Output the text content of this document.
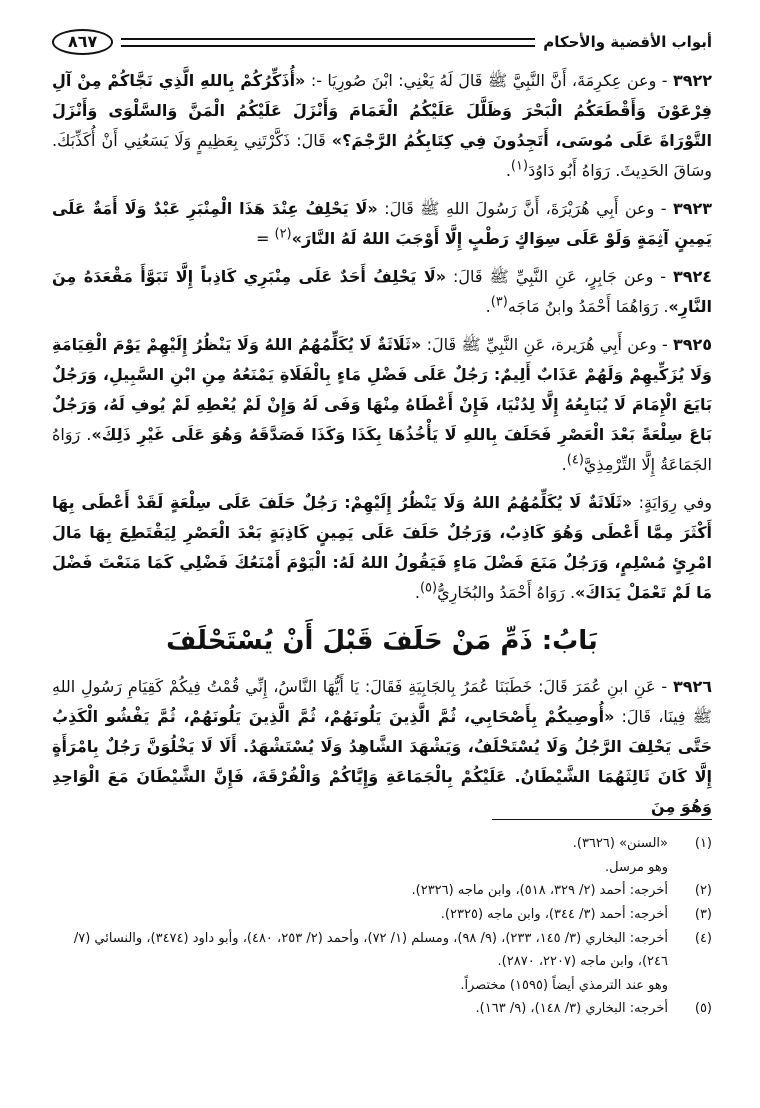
أبواب الأقضية والأحكام
٨٦٧

٣٩٢٢ - وعن عِكرِمَةَ، أَنَّ النَّبِيَّ ﷺ قَالَ لَهُ يَعْنِي: ابْنَ صُورِيَا -: «أُذَكِّرُكُمْ بِاللهِ الَّذِي نَجَّاكُمْ مِنْ آلِ فِرْعَوْنَ وَأَقْطَعَكُمُ الْبَحْرَ وَظَلَّلَ عَلَيْكُمُ الْغَمَامَ وَأَنْزَلَ عَلَيْكُمُ الْمَنَّ وَالسَّلْوَى وَأَنْزَلَ التَّوْرَاةَ عَلَى مُوسَى، أَتَجِدُونَ فِي كِتَابِكُمُ الرَّجْمَ؟» قَالَ: ذَكَّرْتَنِي بِعَظِيمٍ وَلَا يَسَعُنِي أَنْ أُكَذِّبَكَ. وسَاقَ الحَدِيثَ. رَوَاهُ أَبُو دَاوُدَ$^{(١)}$.

٣٩٢٣ - وعن أَبِي هُرَيْرَةَ، أَنَّ رَسُولَ اللهِ ﷺ قَالَ: «لَا يَحْلِفُ عِنْدَ هَذَا الْمِنْبَرِ عَبْدٌ وَلَا أَمَةٌ عَلَى يَمِينٍ آثِمَةٍ وَلَوْ عَلَى سِوَاكٍ رَطْبٍ إِلَّا أَوْجَبَ اللهُ لَهُ النَّارَ»$^{(٢)}$ =

٣٩٢٤ - وعن جَابِرٍ، عَنِ النَّبِيِّ ﷺ قَالَ: «لَا يَحْلِفُ أَحَدٌ عَلَى مِنْبَرِي كَاذِباً إِلَّا تَبَوَّأَ مَقْعَدَهُ مِنَ النَّارِ». رَوَاهُمَا أَحْمَدُ وابنُ مَاجَه$^{(٣)}$.

٣٩٢٥ - وعن أَبِي هُرَيرة، عَنِ النَّبِيِّ ﷺ قَالَ: «ثَلَاثَةٌ لَا يُكَلِّمُهُمُ اللهُ وَلَا يَنْظُرُ إِلَيْهِمْ يَوْمَ الْقِيَامَةِ وَلَا يُزَكِّيهِمْ وَلَهُمْ عَذَابٌ أَلِيمٌ: رَجُلٌ عَلَى فَضْلِ مَاءٍ بِالْفَلَاةِ يَمْنَعُهُ مِنِ ابْنِ السَّبِيلِ، وَرَجُلٌ بَايَعَ الْإِمَامَ لَا يُبَايِعُهُ إِلَّا لِدُنْيَا، فَإِنْ أَعْطَاهُ مِنْهَا وَفَى لَهُ وَإِنْ لَمْ يُعْطِهِ لَمْ يُوفِ لَهُ، وَرَجُلٌ بَاعَ سِلْعَةً بَعْدَ الْعَصْرِ فَحَلَفَ بِاللهِ لَا يَأْخُذُهَا بِكَذَا وَكَذَا فَصَدَّقَهُ وَهُوَ عَلَى غَيْرِ ذَلِكَ». رَوَاهُ الجَمَاعَةُ إِلَّا التِّرْمِذِيَّ$^{(٤)}$.

وفي رِوَايَةٍ: «ثَلَاثَةٌ لَا يُكَلِّمُهُمُ اللهُ وَلَا يَنْظُرُ إِلَيْهِمْ: رَجُلٌ حَلَفَ عَلَى سِلْعَةٍ لَقَدْ أَعْطَى بِهَا أَكْثَرَ مِمَّا أَعْطَى وَهُوَ كَاذِبٌ، وَرَجُلٌ حَلَفَ عَلَى يَمِينٍ كَاذِبَةٍ بَعْدَ الْعَصْرِ لِيَقْتَطِعَ بِهَا مَالَ امْرِئٍ مُسْلِمٍ، وَرَجُلٌ مَنَعَ فَضْلَ مَاءٍ فَيَقُولُ اللهُ لَهُ: الْيَوْمَ أَمْنَعُكَ فَضْلِي كَمَا مَنَعْتَ فَضْلَ مَا لَمْ تَعْمَلْ يَدَاكَ». رَوَاهُ أَحْمَدُ والبُخَارِيُّ$^{(٥)}$.

بَابُ: ذَمِّ مَنْ حَلَفَ قَبْلَ أَنْ يُسْتَحْلَفَ

٣٩٢٦ - عَنِ ابنِ عُمَرَ قَالَ: خَطَبَنَا عُمَرُ بِالجَابِيَةِ فَقَالَ: يَا أَيُّهَا النَّاسُ، إِنِّي قُمْتُ فِيكُمْ كَقِيَامِ رَسُولِ اللهِ ﷺ فِينَا، قَالَ: «أُوصِيكُمْ بِأَصْحَابِي، ثُمَّ الَّذِينَ يَلُونَهُمْ، ثُمَّ الَّذِينَ يَلُونَهُمْ، ثُمَّ يَفْشُو الْكَذِبُ حَتَّى يَحْلِفَ الرَّجُلُ وَلَا يُسْتَحْلَفُ، وَيَشْهَدَ الشَّاهِدُ وَلَا يُسْتَشْهَدُ. أَلَا لَا يَخْلُوَنَّ رَجُلٌ بِامْرَأَةٍ إِلَّا كَانَ ثَالِثَهُمَا الشَّيْطَانُ. عَلَيْكُمْ بِالْجَمَاعَةِ وَإِيَّاكُمْ وَالْفُرْقَةَ، فَإِنَّ الشَّيْطَانَ مَعَ الْوَاحِدِ وَهُوَ مِنَ

(١)
«السنن» (٣٦٢٦).
وهو مرسل.
(٢)
أخرجه: أحمد (٢/ ٣٢٩، ٥١٨)، وابن ماجه (٢٣٢٦).
(٣)
أخرجه: أحمد (٣/ ٣٤٤)، وابن ماجه (٢٣٢٥).
(٤)
أخرجه: البخاري (٣/ ١٤٥، ٢٣٣)، (٩/ ٩٨)، ومسلم (١/ ٧٢)، وأحمد (٢/ ٢٥٣، ٤٨٠)، وأبو داود (٣٤٧٤)، والنسائي (٧/ ٢٤٦)، وابن ماجه (٢٢٠٧، ٢٨٧٠).
وهو عند الترمذي أيضاً (١٥٩٥) مختصراً.
(٥)
أخرجه: البخاري (٣/ ١٤٨)، (٩/ ١٦٣).
